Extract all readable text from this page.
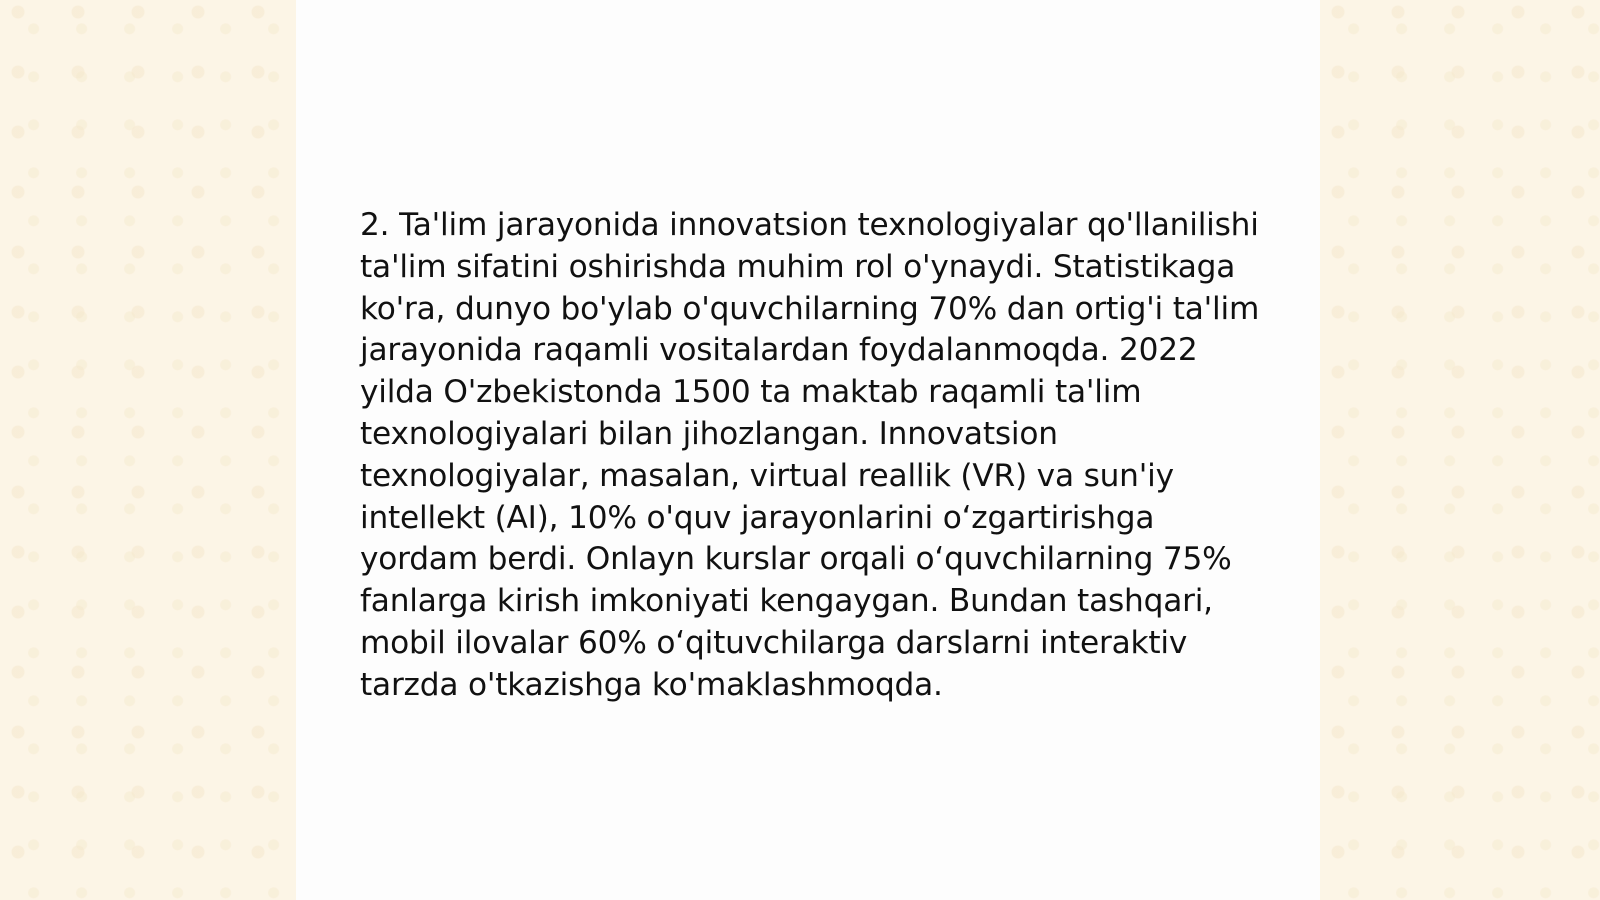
2. Ta'lim jarayonida innovatsion texnologiyalar qo'llanilishi ta'lim sifatini oshirishda muhim rol o'ynaydi. Statistikaga ko'ra, dunyo bo'ylab o'quvchilarning 70% dan ortig'i ta'lim jarayonida raqamli vositalardan foydalanmoqda. 2022 yilda O'zbekistonda 1500 ta maktab raqamli ta'lim texnologiyalari bilan jihozlangan. Innovatsion texnologiyalar, masalan, virtual reallik (VR) va sun'iy intellekt (AI), 10% o'quv jarayonlarini oʻzgartirishga yordam berdi. Onlayn kurslar orqali oʻquvchilarning 75% fanlarga kirish imkoniyati kengaygan. Bundan tashqari, mobil ilovalar 60% oʻqituvchilarga darslarni interaktiv tarzda o'tkazishga ko'maklashmoqda.
